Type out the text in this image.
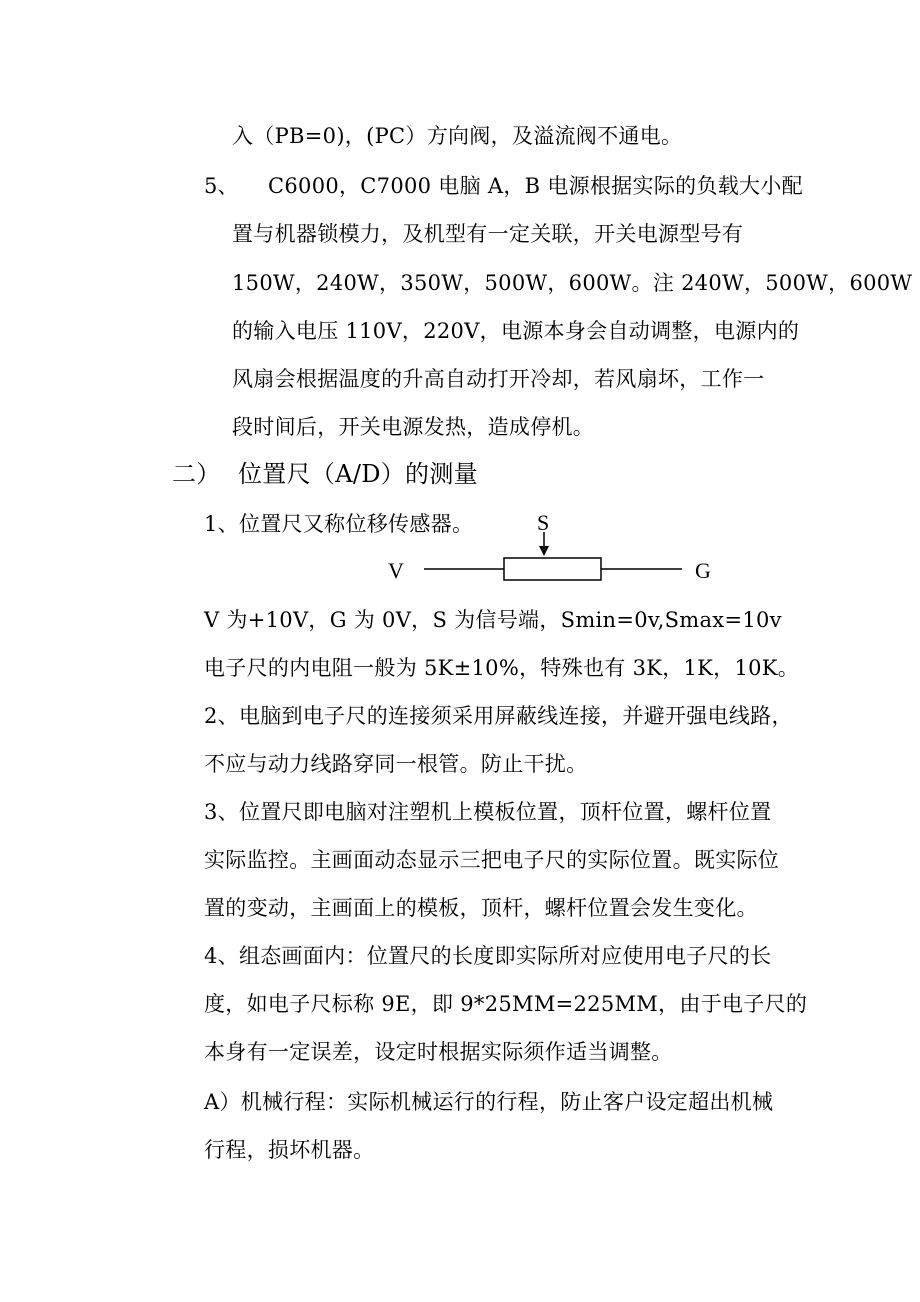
入（PB=0)，(PC）方向阀，及溢流阀不通电。
5、 C6000，C7000 电脑 A，B 电源根据实际的负载大小配
置与机器锁模力，及机型有一定关联，开关电源型号有
150W，240W，350W，500W，600W。注 240W，500W，600W
的输入电压 110V，220V，电源本身会自动调整，电源内的
风扇会根据温度的升高自动打开冷却，若风扇坏，工作一
段时间后，开关电源发热，造成停机。
二） 位置尺（A/D）的测量
1、位置尺又称位移传感器。	S
V	G
V 为+10V，G 为 0V，S 为信号端，Smin=0v,Smax=10v
电子尺的内电阻一般为 5K±10%，特殊也有 3K，1K，10K。
2、电脑到电子尺的连接须采用屏蔽线连接，并避开强电线路，
不应与动力线路穿同一根管。防止干扰。
3、位置尺即电脑对注塑机上模板位置，顶杆位置，螺杆位置
实际监控。主画面动态显示三把电子尺的实际位置。既实际位
置的变动，主画面上的模板，顶杆，螺杆位置会发生变化。
4、组态画面内：位置尺的长度即实际所对应使用电子尺的长
度，如电子尺标称 9E，即 9*25MM=225MM，由于电子尺的
本身有一定误差，设定时根据实际须作适当调整。
A）机械行程：实际机械运行的行程，防止客户设定超出机械
行程，损坏机器。
